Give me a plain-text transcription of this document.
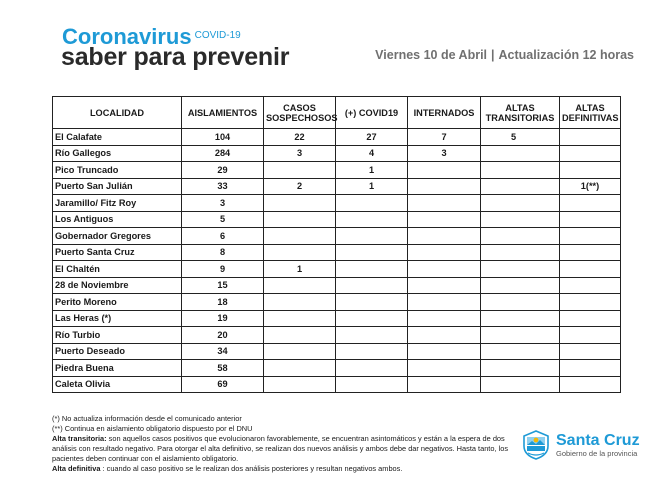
Coronavirus $^{COVID-19}$
saber para prevenir	Viernes 10 de Abril | Actualización 12 horas
LOCALIDAD	AISLAMIENTOS	CASOS SOSPECHOSOS	(+) COVID19	INTERNADOS	ALTAS TRANSITORIAS	ALTAS DEFINITIVAS
El Calafate	104	22	27	7	5	
Río Gallegos	284	3	4	3		
Pico Truncado	29		1			
Puerto San Julián	33	2	1			1(**)
Jaramillo/ Fitz Roy	3					
Los Antiguos	5					
Gobernador Gregores	6					
Puerto Santa Cruz	8					
El Chaltén	9	1				
28 de Noviembre	15					
Perito Moreno	18					
Las Heras (*)	19					
Río Turbio	20					
Puerto Deseado	34					
Piedra Buena	58					
Caleta Olivia	69					
(*) No actualiza información desde el comunicado anterior
(**) Continua en aislamiento obligatorio dispuesto por el DNU
Alta transitoria: son aquellos casos positivos que evolucionaron favorablemente, se encuentran asintomáticos y están a la espera de dos análisis con resultado negativo. Para otorgar el alta definitivo, se realizan dos nuevos análisis y ambos debe dar negativos. Hasta tanto, los pacientes deben continuar con el aislamiento obligatorio.
Alta definitiva : cuando al caso positivo se le realizan dos análisis posteriores y resultan negativos ambos.
Santa Cruz
Gobierno de la provincia
